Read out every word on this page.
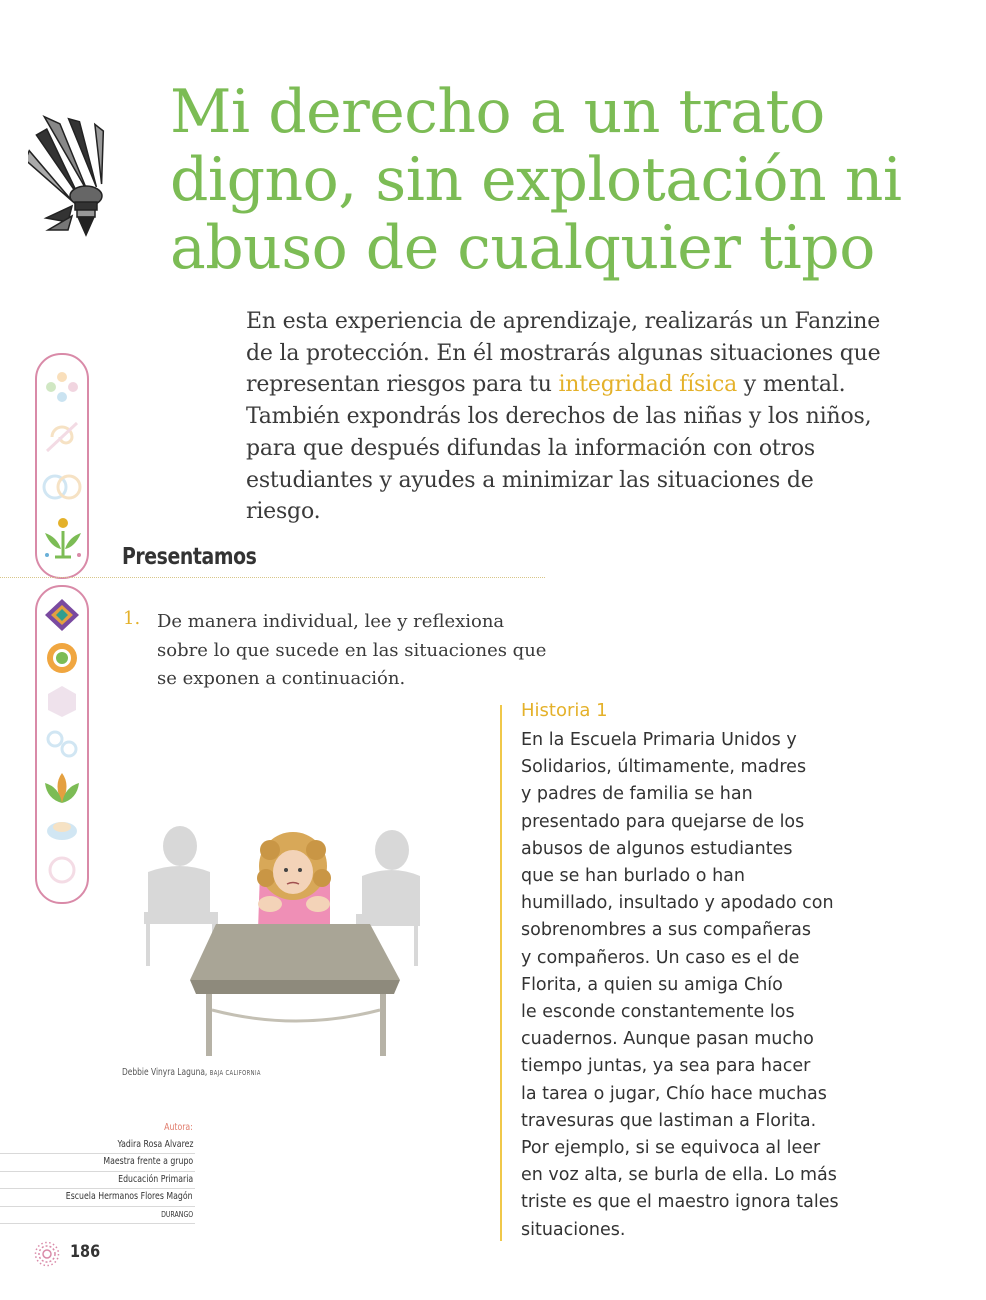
Mi derecho a un trato
digno, sin explotación ni
abuso de cualquier tipo

En esta experiencia de aprendizaje, realizarás un Fanzine de la protección. En él mostrarás algunas situaciones que representan riesgos para tu integridad física y mental. También expondrás los derechos de las niñas y los niños, para que después difundas la información con otros estudiantes y ayudes a minimizar las situaciones de riesgo.

Presentamos
1. De manera individual, lee y reflexiona sobre lo que sucede en las situaciones que se exponen a continuación.
Debbie Vinyra Laguna, BAJA CALIFORNIA
Historia 1
En la Escuela Primaria Unidos y
Solidarios, últimamente, madres
y padres de familia se han
presentado para quejarse de los
abusos de algunos estudiantes
que se han burlado o han
humillado, insultado y apodado con
sobrenombres a sus compañeras
y compañeros. Un caso es el de
Florita, a quien su amiga Chío
le esconde constantemente los
cuadernos. Aunque pasan mucho
tiempo juntas, ya sea para hacer
la tarea o jugar, Chío hace muchas
travesuras que lastiman a Florita.
Por ejemplo, si se equivoca al leer
en voz alta, se burla de ella. Lo más
triste es que el maestro ignora tales
situaciones.
Autora:
Yadira Rosa Alvarez
Maestra frente a grupo
Educación Primaria
Escuela Hermanos Flores Magón
DURANGO
186
